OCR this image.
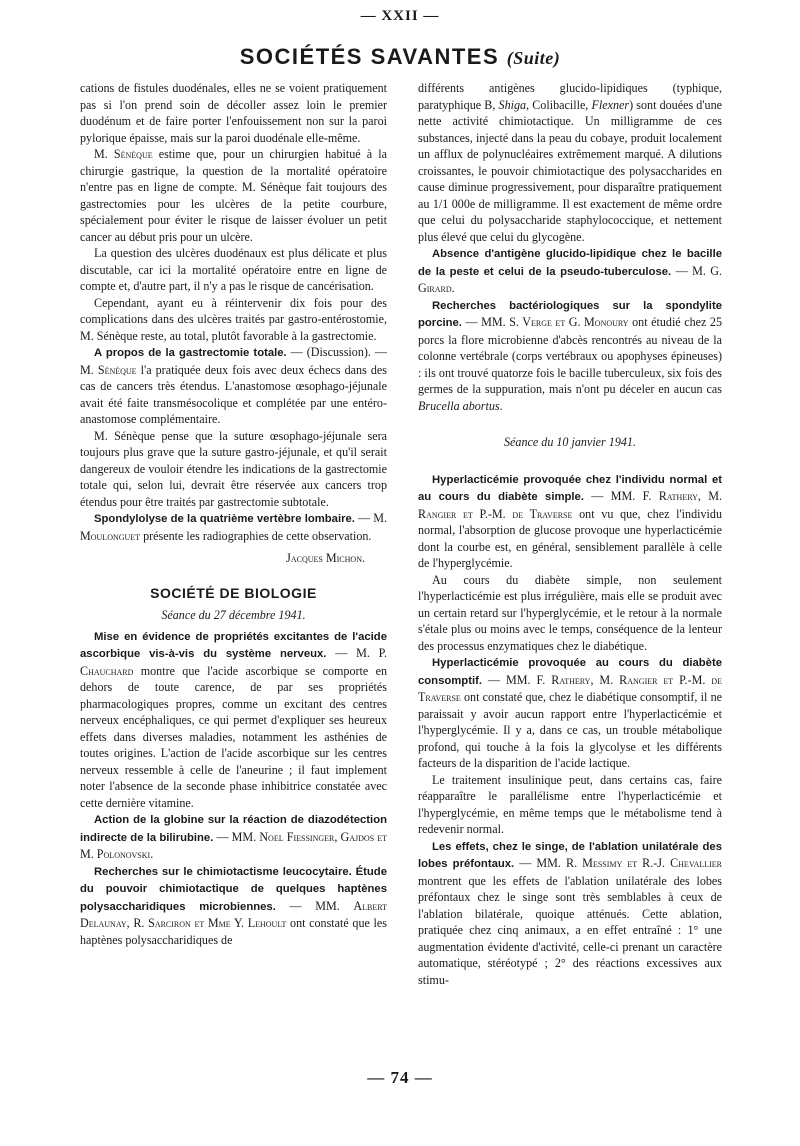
— XXII —
SOCIÉTÉS SAVANTES (Suite)

cations de fistules duodénales, elles ne se voient pratiquement pas si l'on prend soin de décoller assez loin le premier duodénum et de faire porter l'enfouissement non sur la paroi pylorique épaisse, mais sur la paroi duodénale elle-même.

M. Sénèque estime que, pour un chirurgien habitué à la chirurgie gastrique, la question de la mortalité opératoire n'entre pas en ligne de compte. M. Sénèque fait toujours des gastrectomies pour les ulcères de la petite courbure, spécialement pour éviter le risque de laisser évoluer un petit cancer au début pris pour un ulcère.

La question des ulcères duodénaux est plus délicate et plus discutable, car ici la mortalité opératoire entre en ligne de compte et, d'autre part, il n'y a pas le risque de cancérisation.

Cependant, ayant eu à réintervenir dix fois pour des complications dans des ulcères traités par gastro-entérostomie, M. Sénèque reste, au total, plutôt favorable à la gastrectomie.

A propos de la gastrectomie totale. — (Discussion). — M. Sénèque l'a pratiquée deux fois avec deux échecs dans des cas de cancers très étendus. L'anastomose œsophago-jéjunale avait été faite transmésocolique et complétée par une entéro-anastomose complémentaire.

M. Sénèque pense que la suture œsophago-jéjunale sera toujours plus grave que la suture gastro-jéjunale, et qu'il serait dangereux de vouloir étendre les indications de la gastrectomie totale qui, selon lui, devrait être réservée aux cancers trop étendus pour être traités par gastrectomie subtotale.

Spondylolyse de la quatrième vertèbre lombaire. — M. Moulonguet présente les radiographies de cette observation.

Jacques Michon.

SOCIÉTÉ DE BIOLOGIE

Séance du 27 décembre 1941.

Mise en évidence de propriétés excitantes de l'acide ascorbique vis-à-vis du système nerveux. — M. P. Chauchard montre que l'acide ascorbique se comporte en dehors de toute carence, de par ses propriétés pharmacologiques propres, comme un excitant des centres nerveux encéphaliques, ce qui permet d'expliquer ses heureux effets dans diverses maladies, notamment les asthénies de toutes origines. L'action de l'acide ascorbique sur les centres nerveux ressemble à celle de l'aneurine ; il faut implement noter l'absence de la seconde phase inhibitrice constatée avec cette dernière vitamine.

Action de la globine sur la réaction de diazodétection indirecte de la bilirubine. — MM. Noel Fiessinger, Gajdos et M. Polonovski.

Recherches sur le chimiotactisme leucocytaire. Étude du pouvoir chimiotactique de quelques haptènes polysaccharidiques microbiennes. — MM. Albert Delaunay, R. Sarciron et Mme Y. Lehoult ont constaté que les haptènes polysaccharidiques de

différents antigènes glucido-lipidiques (typhique, paratyphique B, Shiga, Colibacille, Flexner) sont douées d'une nette activité chimiotactique. Un milligramme de ces substances, injecté dans la peau du cobaye, produit localement un afflux de polynucléaires extrêmement marqué. A dilutions croissantes, le pouvoir chimiotactique des polysaccharides en cause diminue progressivement, pour disparaître pratiquement au 1/1 000e de milligramme. Il est exactement de même ordre que celui du polysaccharide staphylococcique, et nettement plus élevé que celui du glycogène.

Absence d'antigène glucido-lipidique chez le bacille de la peste et celui de la pseudo-tuberculose. — M. G. Girard.

Recherches bactériologiques sur la spondylite porcine. — MM. S. Verge et G. Monoury ont étudié chez 25 porcs la flore microbienne d'abcès rencontrés au niveau de la colonne vertébrale (corps vertébraux ou apophyses épineuses) : ils ont trouvé quatorze fois le bacille tuberculeux, six fois des germes de la suppuration, mais n'ont pu déceler en aucun cas Brucella abortus.

Séance du 10 janvier 1941.

Hyperlacticémie provoquée chez l'individu normal et au cours du diabète simple. — MM. F. Rathery, M. Rangier et P.-M. de Traverse ont vu que, chez l'individu normal, l'absorption de glucose provoque une hyperlacticémie dont la courbe est, en général, sensiblement parallèle à celle de l'hyperglycémie.

Au cours du diabète simple, non seulement l'hyperlacticémie est plus irrégulière, mais elle se produit avec un certain retard sur l'hyperglycémie, et le retour à la normale s'étale plus ou moins avec le temps, conséquence de la lenteur des processus enzymatiques chez le diabétique.

Hyperlacticémie provoquée au cours du diabète consomptif. — MM. F. Rathery, M. Rangier et P.-M. de Traverse ont constaté que, chez le diabétique consomptif, il ne paraissait y avoir aucun rapport entre l'hyperlacticémie et l'hyperglycémie. Il y a, dans ce cas, un trouble métabolique profond, qui touche à la fois la glycolyse et les différents facteurs de la disparition de l'acide lactique.

Le traitement insulinique peut, dans certains cas, faire réapparaître le parallélisme entre l'hyperlacticémie et l'hyperglycémie, en même temps que le métabolisme tend à redevenir normal.

Les effets, chez le singe, de l'ablation unilatérale des lobes préfontaux. — MM. R. Messimy et R.-J. Chevallier montrent que les effets de l'ablation unilatérale des lobes préfontaux chez le singe sont très semblables à ceux de l'ablation bilatérale, quoique atténués. Cette ablation, pratiquée chez cinq animaux, a en effet entraîné : 1° une augmentation évidente d'activité, celle-ci prenant un caractère automatique, stéréotypé ; 2° des réactions excessives aux stimu-

— 74 —
